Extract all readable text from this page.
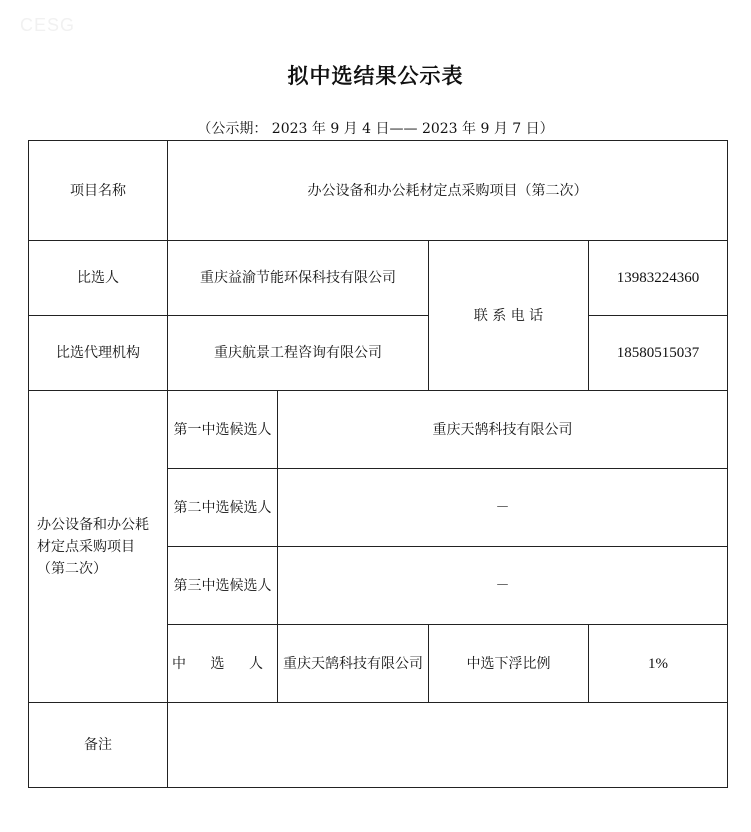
CESG
拟中选结果公示表
（公示期： 2023 年 9 月 4 日—— 2023 年 9 月 7 日）
项目名称	办公设备和办公耗材定点采购项目（第二次）			
比选人	重庆益渝节能环保科技有限公司		联 系 电 话	13983224360
比选代理机构	重庆航景工程咨询有限公司			18580515037
办公设备和办公耗材定点采购项目（第二次）	第一中选候选人	重庆天鹄科技有限公司		
	第二中选候选人	－		
	第三中选候选人	－		
	中 选 人	重庆天鹄科技有限公司	中选下浮比例	1%
备注				
